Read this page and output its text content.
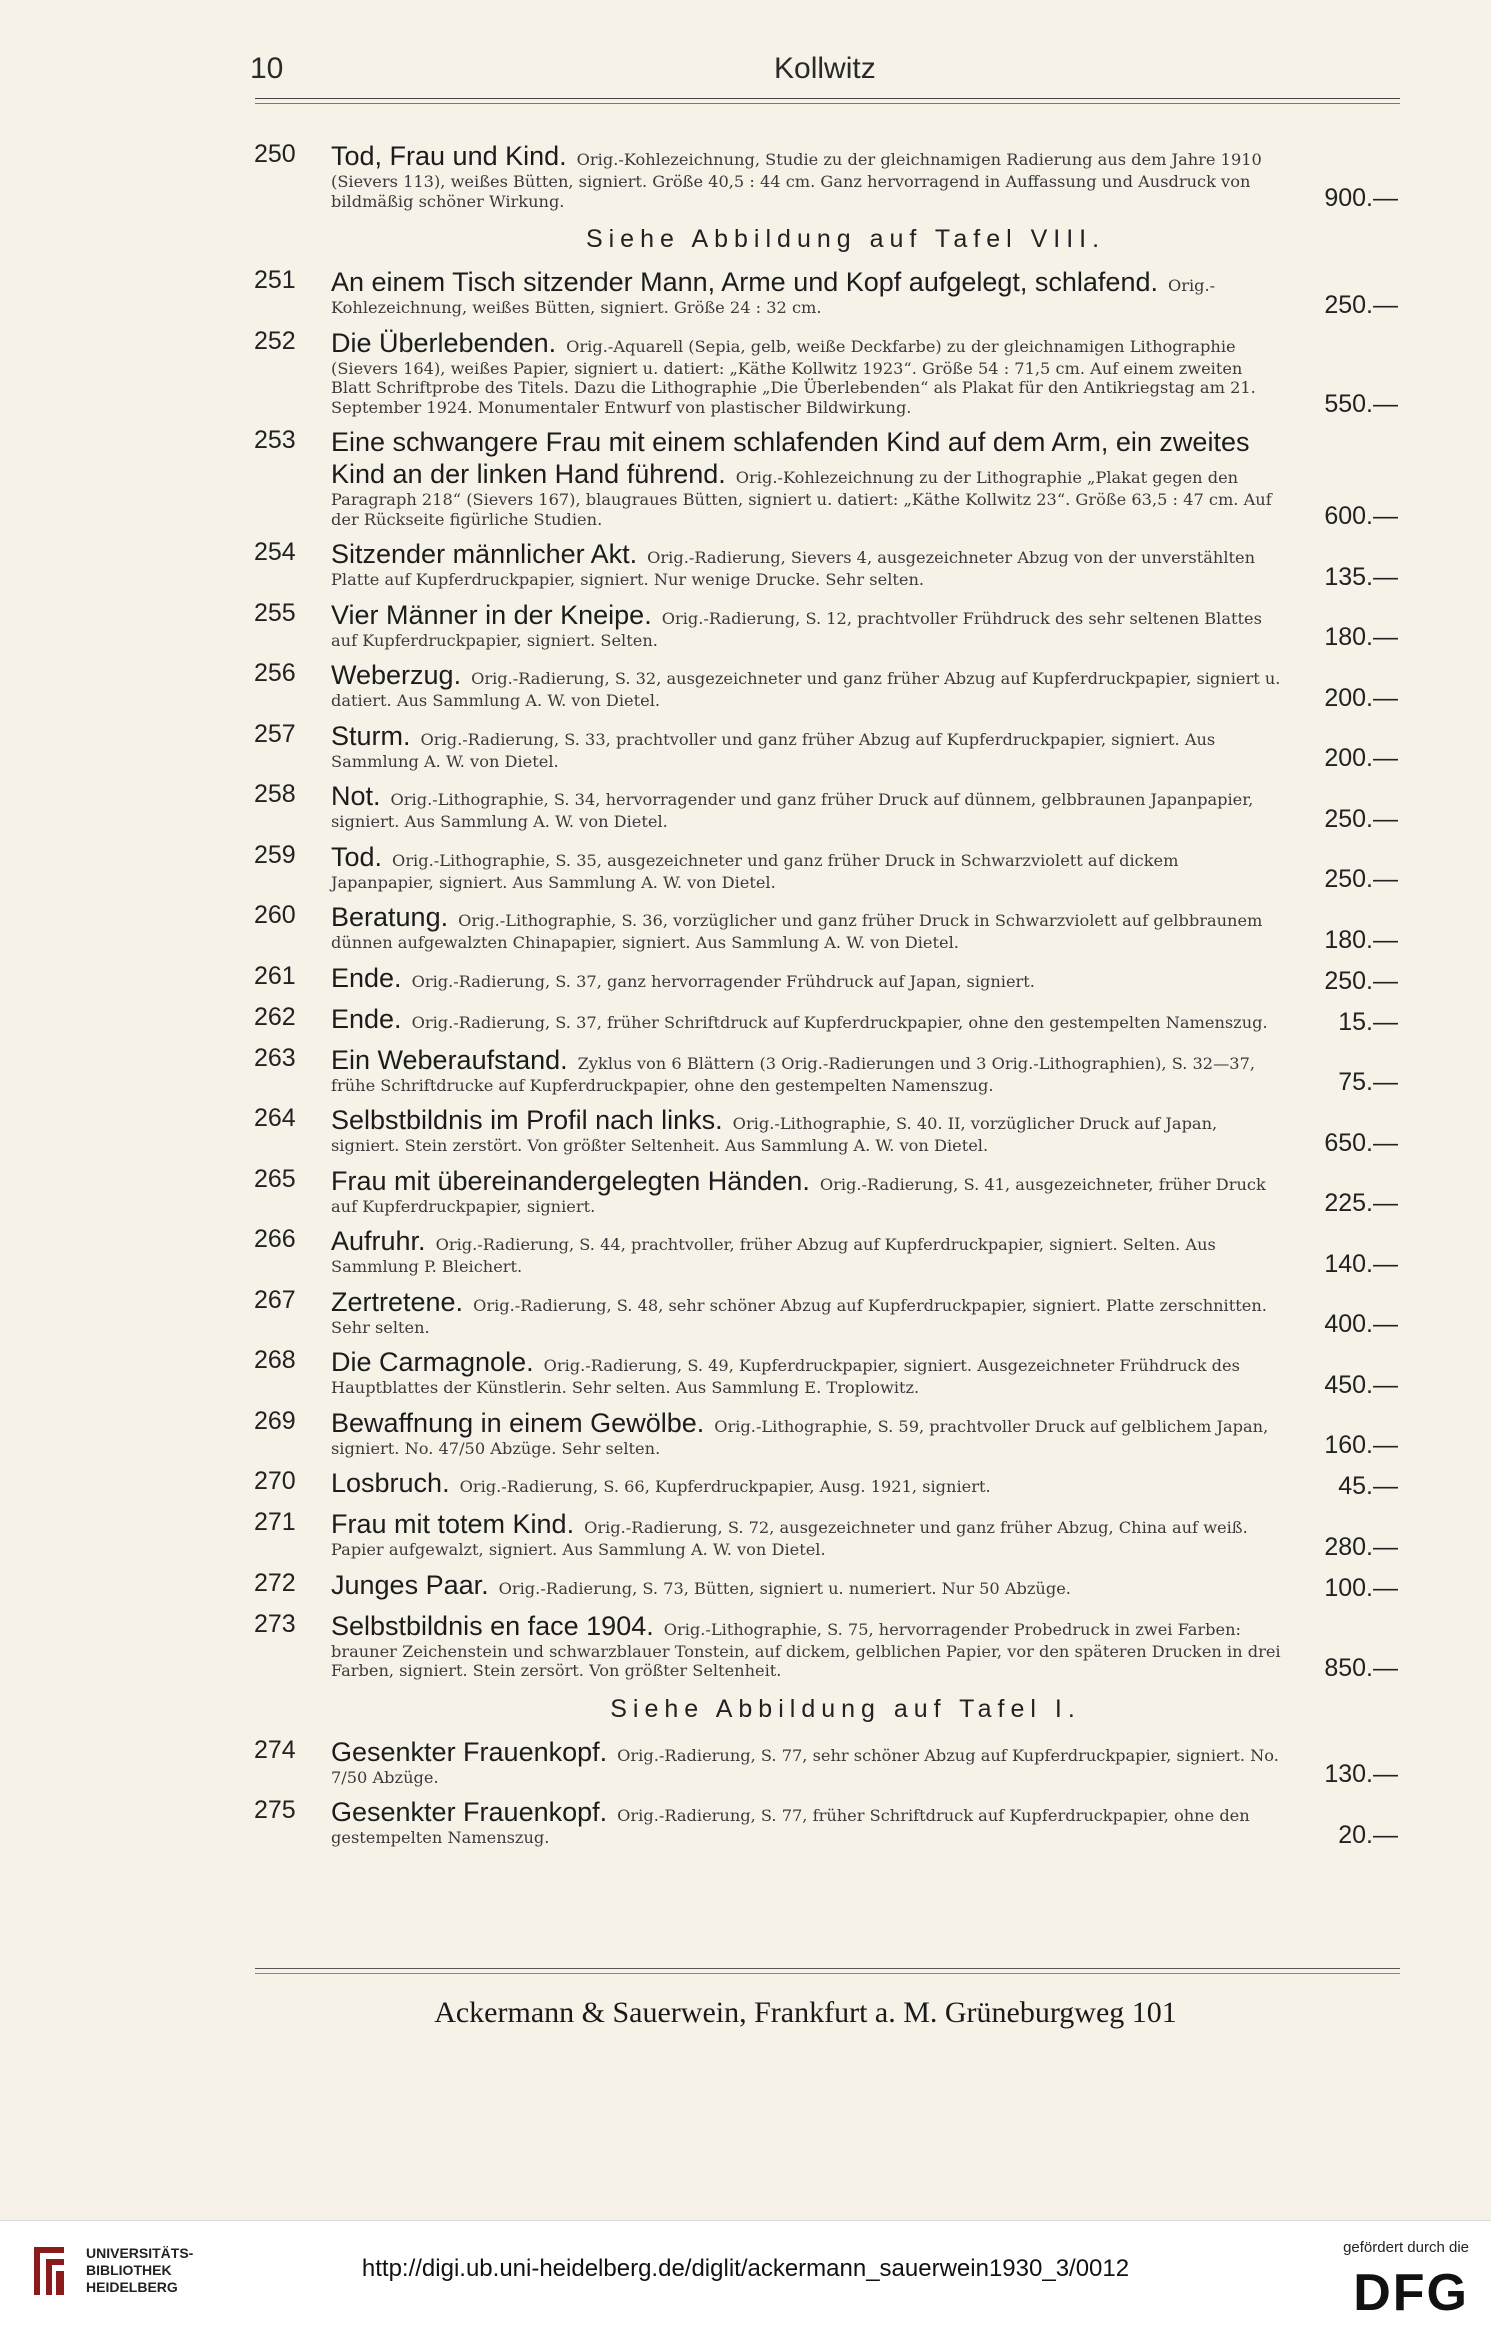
10	Kollwitz
250 Tod, Frau und Kind. Orig.-Kohlezeichnung, Studie zu der gleichnamigen Radierung aus dem Jahre 1910 (Sievers 113), weißes Bütten, signiert. Größe 40,5 : 44 cm. Ganz hervorragend in Auffassung und Ausdruck von bildmäßig schöner Wirkung.	900.—
Siehe Abbildung auf Tafel VIII.
251 An einem Tisch sitzender Mann, Arme und Kopf aufgelegt, schlafend. Orig.-Kohlezeichnung, weißes Bütten, signiert. Größe 24 : 32 cm.	250.—
252 Die Überlebenden. Orig.-Aquarell (Sepia, gelb, weiße Deckfarbe) zu der gleichnamigen Lithographie (Sievers 164), weißes Papier, signiert u. datiert: „Käthe Kollwitz 1923“. Größe 54 : 71,5 cm. Auf einem zweiten Blatt Schriftprobe des Titels. Dazu die Lithographie „Die Überlebenden“ als Plakat für den Antikriegstag am 21. September 1924. Monumentaler Entwurf von plastischer Bildwirkung.	550.—
253 Eine schwangere Frau mit einem schlafenden Kind auf dem Arm, ein zweites Kind an der linken Hand führend. Orig.-Kohlezeichnung zu der Lithographie „Plakat gegen den Paragraph 218“ (Sievers 167), blaugraues Bütten, signiert u. datiert: „Käthe Kollwitz 23“. Größe 63,5 : 47 cm. Auf der Rückseite figürliche Studien.	600.—
254 Sitzender männlicher Akt. Orig.-Radierung, Sievers 4, ausgezeichneter Abzug von der unverstählten Platte auf Kupferdruckpapier, signiert. Nur wenige Drucke. Sehr selten.	135.—
255 Vier Männer in der Kneipe. Orig.-Radierung, S. 12, prachtvoller Frühdruck des sehr seltenen Blattes auf Kupferdruckpapier, signiert. Selten.	180.—
256 Weberzug. Orig.-Radierung, S. 32, ausgezeichneter und ganz früher Abzug auf Kupferdruckpapier, signiert u. datiert. Aus Sammlung A. W. von Dietel.	200.—
257 Sturm. Orig.-Radierung, S. 33, prachtvoller und ganz früher Abzug auf Kupferdruckpapier, signiert. Aus Sammlung A. W. von Dietel.	200.—
258 Not. Orig.-Lithographie, S. 34, hervorragender und ganz früher Druck auf dünnem, gelbbraunen Japanpapier, signiert. Aus Sammlung A. W. von Dietel.	250.—
259 Tod. Orig.-Lithographie, S. 35, ausgezeichneter und ganz früher Druck in Schwarzviolett auf dickem Japanpapier, signiert. Aus Sammlung A. W. von Dietel.	250.—
260 Beratung. Orig.-Lithographie, S. 36, vorzüglicher und ganz früher Druck in Schwarzviolett auf gelbbraunem dünnen aufgewalzten Chinapapier, signiert. Aus Sammlung A. W. von Dietel.	180.—
261 Ende. Orig.-Radierung, S. 37, ganz hervorragender Frühdruck auf Japan, signiert.	250.—
262 Ende. Orig.-Radierung, S. 37, früher Schriftdruck auf Kupferdruckpapier, ohne den gestempelten Namenszug.	15.—
263 Ein Weberaufstand. Zyklus von 6 Blättern (3 Orig.-Radierungen und 3 Orig.-Lithographien), S. 32—37, frühe Schriftdrucke auf Kupferdruckpapier, ohne den gestempelten Namenszug.	75.—
264 Selbstbildnis im Profil nach links. Orig.-Lithographie, S. 40. II, vorzüglicher Druck auf Japan, signiert. Stein zerstört. Von größter Seltenheit. Aus Sammlung A. W. von Dietel.	650.—
265 Frau mit übereinandergelegten Händen. Orig.-Radierung, S. 41, ausgezeichneter, früher Druck auf Kupferdruckpapier, signiert.	225.—
266 Aufruhr. Orig.-Radierung, S. 44, prachtvoller, früher Abzug auf Kupferdruckpapier, signiert. Selten. Aus Sammlung P. Bleichert.	140.—
267 Zertretene. Orig.-Radierung, S. 48, sehr schöner Abzug auf Kupferdruckpapier, signiert. Platte zerschnitten. Sehr selten.	400.—
268 Die Carmagnole. Orig.-Radierung, S. 49, Kupferdruckpapier, signiert. Ausgezeichneter Frühdruck des Hauptblattes der Künstlerin. Sehr selten. Aus Sammlung E. Troplowitz.	450.—
269 Bewaffnung in einem Gewölbe. Orig.-Lithographie, S. 59, prachtvoller Druck auf gelblichem Japan, signiert. No. 47/50 Abzüge. Sehr selten.	160.—
270 Losbruch. Orig.-Radierung, S. 66, Kupferdruckpapier, Ausg. 1921, signiert.	45.—
271 Frau mit totem Kind. Orig.-Radierung, S. 72, ausgezeichneter und ganz früher Abzug, China auf weiß. Papier aufgewalzt, signiert. Aus Sammlung A. W. von Dietel.	280.—
272 Junges Paar. Orig.-Radierung, S. 73, Bütten, signiert u. numeriert. Nur 50 Abzüge.	100.—
273 Selbstbildnis en face 1904. Orig.-Lithographie, S. 75, hervorragender Probedruck in zwei Farben: brauner Zeichenstein und schwarzblauer Tonstein, auf dickem, gelblichen Papier, vor den späteren Drucken in drei Farben, signiert. Stein zersört. Von größter Seltenheit.	850.—
Siehe Abbildung auf Tafel I.
274 Gesenkter Frauenkopf. Orig.-Radierung, S. 77, sehr schöner Abzug auf Kupferdruckpapier, signiert. No. 7/50 Abzüge.	130.—
275 Gesenkter Frauenkopf. Orig.-Radierung, S. 77, früher Schriftdruck auf Kupferdruckpapier, ohne den gestempelten Namenszug.	20.—
Ackermann & Sauerwein, Frankfurt a. M. Grüneburgweg 101
UNIVERSITÄTS-
BIBLIOTHEK
HEIDELBERG
http://digi.ub.uni-heidelberg.de/diglit/ackermann_sauerwein1930_3/0012
gefördert durch die
DFG
